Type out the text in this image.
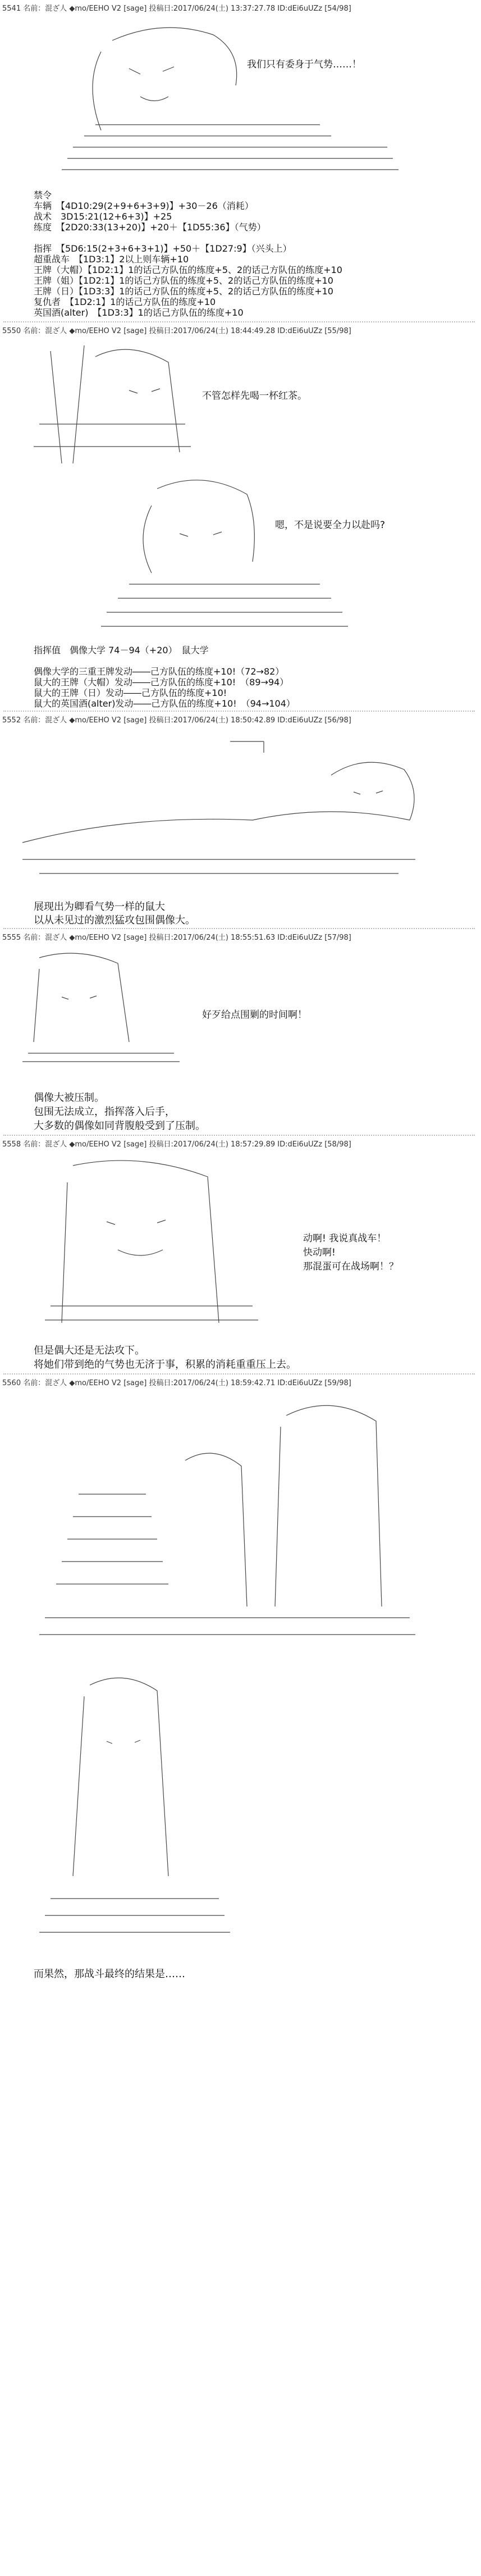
5541 名前：混ざ人 ◆mo/EEHO V2 [sage] 投稿日:2017/06/24(土) 13:37:27.78 ID:dEi6uUZz [54/98]
我们只有委身于气势……！
禁令
车辆　【4D10:29(2+9+6+3+9)】+30－26（消耗）
战术　3D15:21(12+6+3)】+25
练度　【2D20:33(13+20)】+20＋【1D55:36】（气势）
指挥　【5D6:15(2+3+6+3+1)】+50＋【1D27:9】（兴头上）
超重战车　【1D3:1】2以上则车辆+10
王牌（大帽）【1D2:1】1的话己方队伍的练度+5、2的话己方队伍的练度+10
王牌（姐）【1D2:1】1的话己方队伍的练度+5、2的话己方队伍的练度+10
王牌（日）【1D3:3】1的话己方队伍的练度+5、2的话己方队伍的练度+10
复仇者　【1D2:1】1的话己方队伍的练度+10
英国酒(alter)　【1D3:3】1的话己方队伍的练度+10
5550 名前：混ざ人 ◆mo/EEHO V2 [sage] 投稿日:2017/06/24(土) 18:44:49.28 ID:dEi6uUZz [55/98]
不管怎样先喝一杯红茶。
嗯，不是说要全力以赴吗?
指挥值　偶像大学 74－94（+20）　鼠大学
偶像大学的三重王牌发动――己方队伍的练度+10!（72→82）
鼠大的王牌（大帽）发动――己方队伍的练度+10!　（89→94）
鼠大的王牌（日）发动――己方队伍的练度+10!
鼠大的英国酒(alter)发动――己方队伍的练度+10!　（94→104）
5552 名前：混ざ人 ◆mo/EEHO V2 [sage] 投稿日:2017/06/24(土) 18:50:42.89 ID:dEi6uUZz [56/98]
展现出为卿看气势一样的鼠大
以从未见过的激烈猛攻包围偶像大。
5555 名前：混ざ人 ◆mo/EEHO V2 [sage] 投稿日:2017/06/24(土) 18:55:51.63 ID:dEi6uUZz [57/98]
好歹给点围剿的时间啊！
偶像大被压制。
包围无法成立，指挥落入后手，
大多数的偶像如同背腹般受到了压制。
5558 名前：混ざ人 ◆mo/EEHO V2 [sage] 投稿日:2017/06/24(土) 18:57:29.89 ID:dEi6uUZz [58/98]
动啊! 我说真战车！
快动啊!
那混蛋可在战场啊！？
但是偶大还是无法攻下。
将她们带到绝的气势也无济于事，积累的消耗重重压上去。
5560 名前：混ざ人 ◆mo/EEHO V2 [sage] 投稿日:2017/06/24(土) 18:59:42.71 ID:dEi6uUZz [59/98]
而果然，那战斗最终的结果是……
